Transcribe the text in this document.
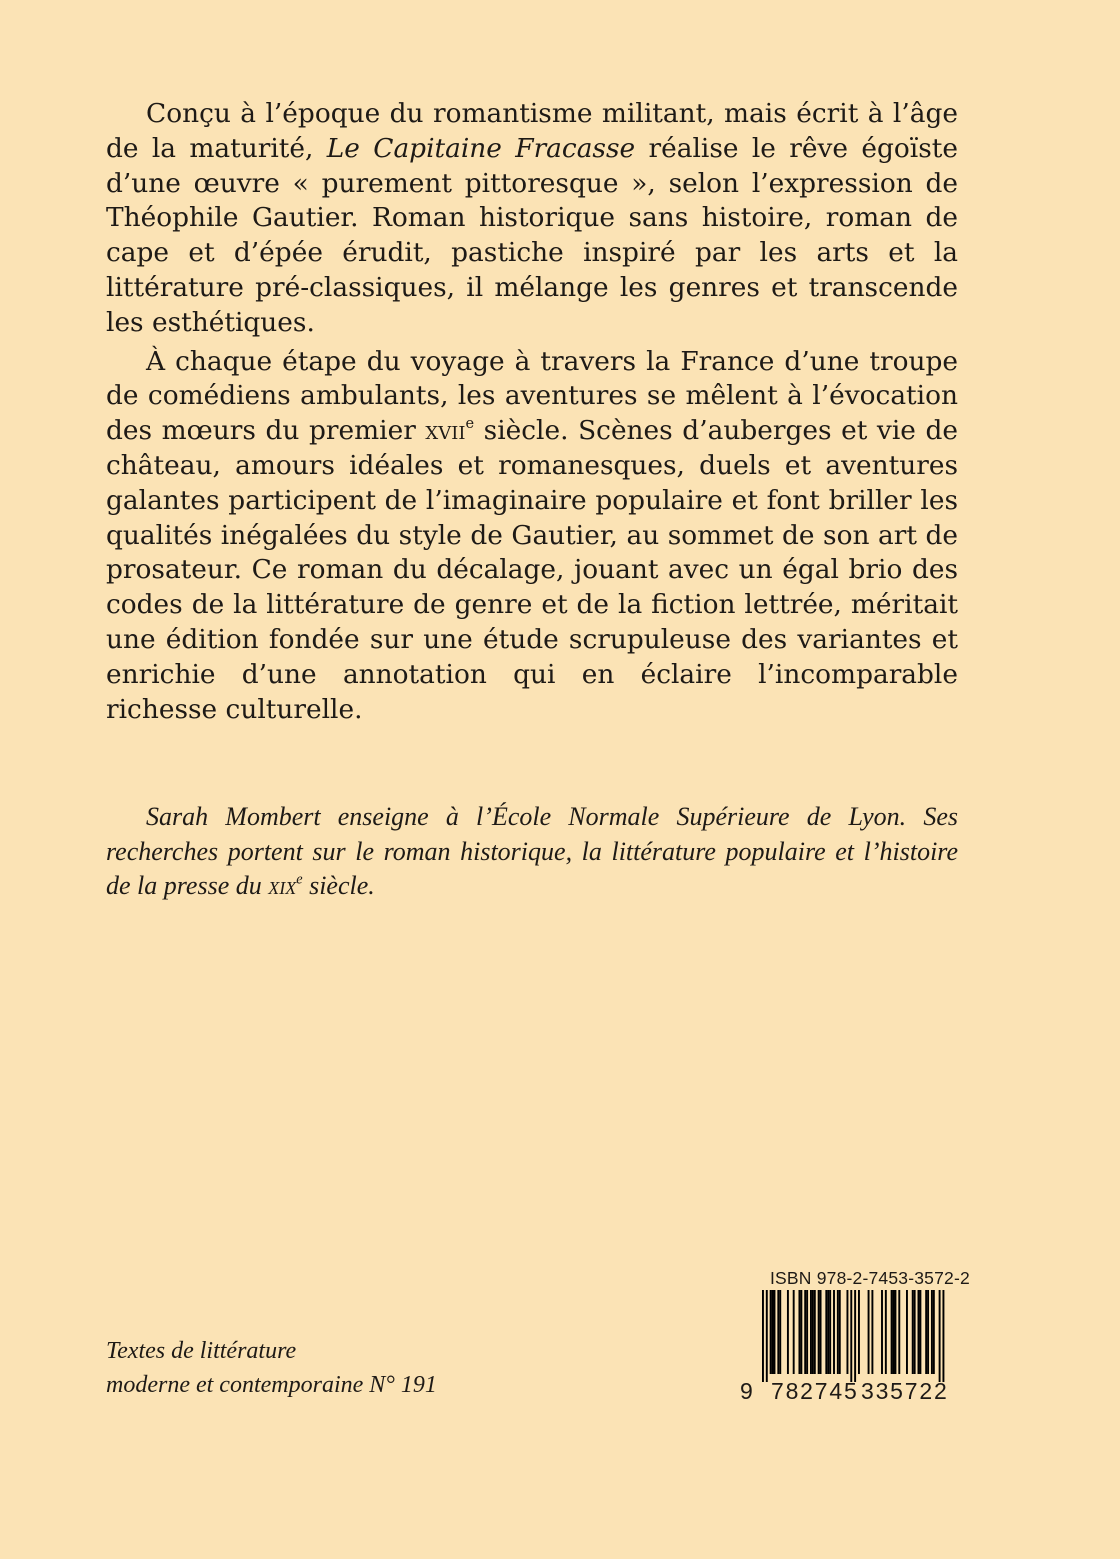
Conçu à l’époque du romantisme militant, mais écrit à l’âge de la maturité, Le Capitaine Fracasse réalise le rêve égoïste d’une œuvre « purement pittoresque », selon l’expression de Théophile Gautier. Roman historique sans histoire, roman de cape et d’épée érudit, pastiche inspiré par les arts et la littérature pré-classiques, il mélange les genres et transcende les esthétiques.

À chaque étape du voyage à travers la France d’une troupe de comédiens ambulants, les aventures se mêlent à l’évocation des mœurs du premier xvii$^e$ siècle. Scènes d’auberges et vie de château, amours idéales et romanesques, duels et aventures galantes participent de l’imaginaire populaire et font briller les qualités inégalées du style de Gautier, au sommet de son art de prosateur. Ce roman du décalage, jouant avec un égal brio des codes de la littérature de genre et de la fiction lettrée, méritait une édition fondée sur une étude scrupuleuse des variantes et enrichie d’une annotation qui en éclaire l’incomparable richesse culturelle.

Sarah Mombert enseigne à l’École Normale Supérieure de Lyon. Ses recherches portent sur le roman historique, la littérature populaire et l’histoire de la presse du xix$^e$ siècle.

Textes de littérature
moderne et contemporaine N° 191
ISBN 978-2-7453-3572-2
9 782745 335722
